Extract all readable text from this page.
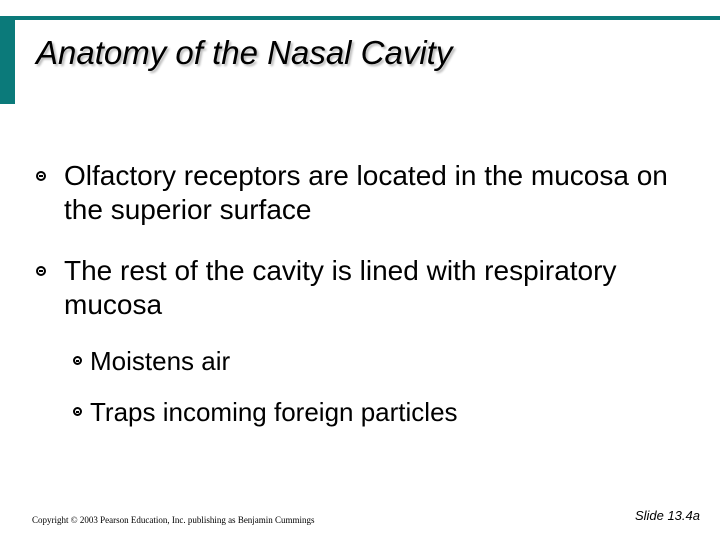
Anatomy of the Nasal Cavity
Olfactory receptors are located in the mucosa on the superior surface
The rest of the cavity is lined with respiratory mucosa
Moistens air
Traps incoming foreign particles
Copyright © 2003 Pearson Education, Inc. publishing as Benjamin Cummings	Slide 13.4a
